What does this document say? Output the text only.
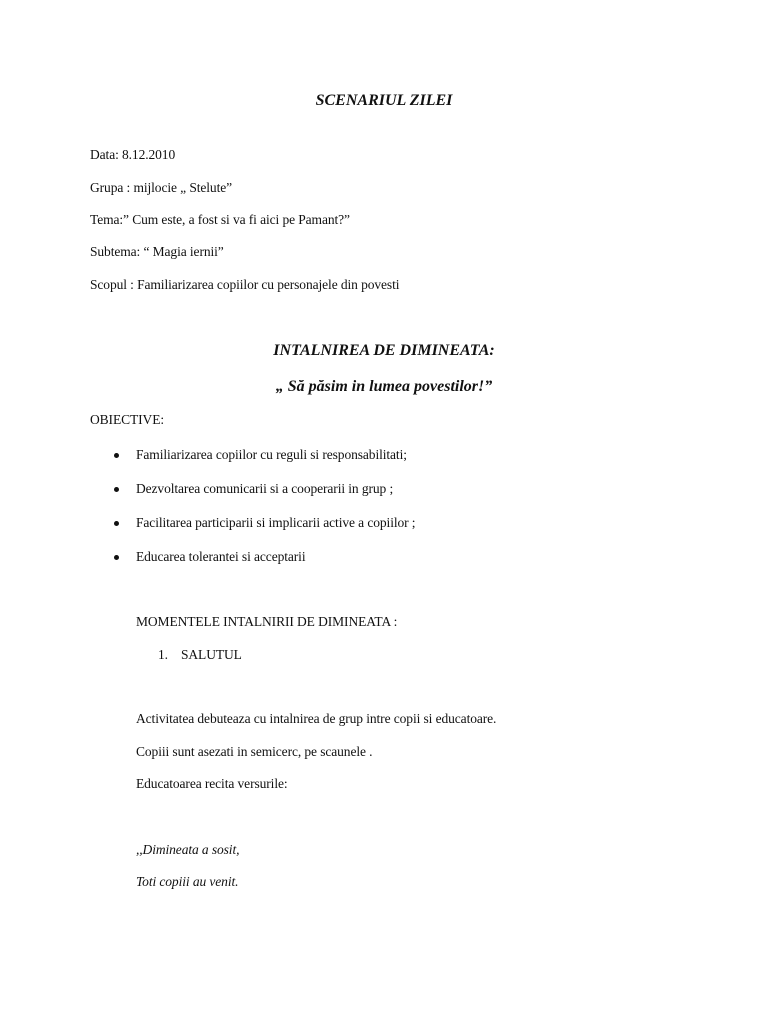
SCENARIUL ZILEI
Data: 8.12.2010
Grupa : mijlocie „ Stelute”
Tema:” Cum este, a fost si va fi aici pe Pamant?”
Subtema: “ Magia iernii”
Scopul : Familiarizarea copiilor cu personajele din povesti
INTALNIREA DE DIMINEATA:
„ Să păsim in lumea povestilor!”
OBIECTIVE:
Familiarizarea copiilor cu reguli si responsabilitati;
Dezvoltarea comunicarii si a cooperarii in grup ;
Facilitarea participarii si implicarii active a copiilor ;
Educarea tolerantei si acceptarii
MOMENTELE INTALNIRII DE DIMINEATA :
1. SALUTUL
Activitatea debuteaza cu intalnirea de grup intre copii si educatoare.
Copiii sunt asezati in semicerc, pe scaunele .
Educatoarea recita versurile:
,,Dimineata a sosit,
Toti copiii au venit.
